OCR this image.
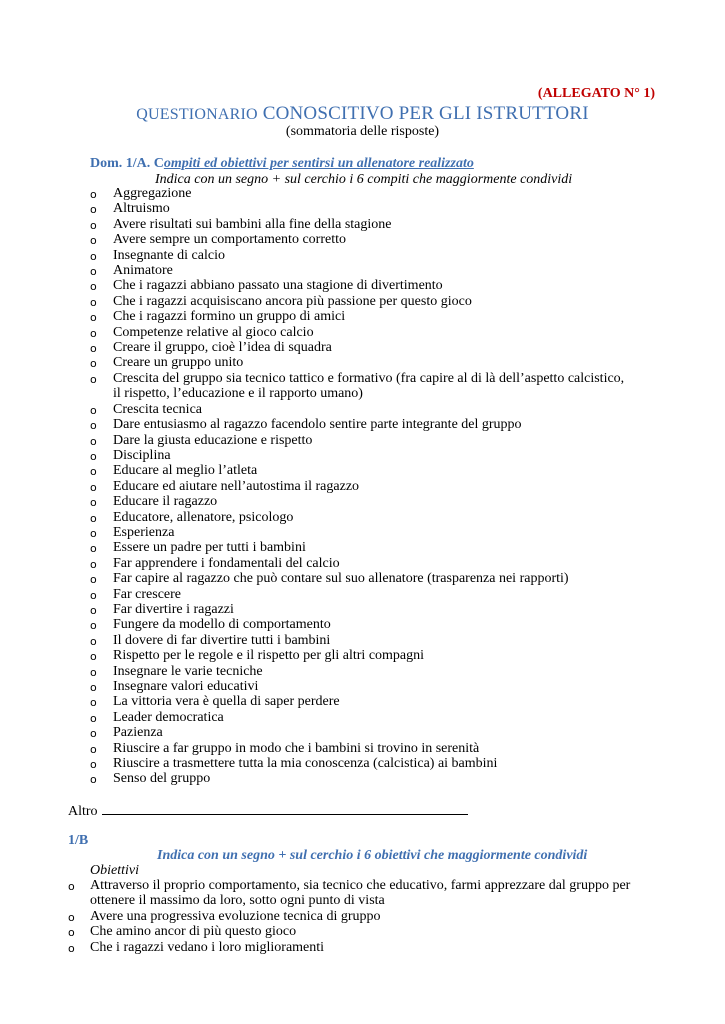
(ALLEGATO N° 1)
QUESTIONARIO CONOSCITIVO PER GLI ISTRUTTORI
(sommatoria delle risposte)
Dom. 1/A. Compiti ed obiettivi per sentirsi un allenatore realizzato
Indica con un segno + sul cerchio i 6 compiti che maggiormente condividi
o Aggregazione
o Altruismo
o Avere risultati sui bambini alla fine della stagione
o Avere sempre un comportamento corretto
o Insegnante di calcio
o Animatore
o Che i ragazzi abbiano passato una stagione di divertimento
o Che i ragazzi acquisiscano ancora più passione per questo gioco
o Che i ragazzi formino un gruppo di amici
o Competenze relative al gioco calcio
o Creare il gruppo, cioè l’idea di squadra
o Creare un gruppo unito
o Crescita del gruppo sia tecnico tattico e formativo (fra capire al di là dell’aspetto calcistico, il rispetto, l’educazione e il rapporto umano)
o Crescita tecnica
o Dare entusiasmo al ragazzo facendolo sentire parte integrante del gruppo
o Dare la giusta educazione e rispetto
o Disciplina
o Educare al meglio l’atleta
o Educare ed aiutare nell’autostima il ragazzo
o Educare il ragazzo
o Educatore, allenatore, psicologo
o Esperienza
o Essere un padre per tutti i bambini
o Far apprendere i fondamentali del calcio
o Far capire al ragazzo che può contare sul suo allenatore (trasparenza nei rapporti)
o Far crescere
o Far divertire i ragazzi
o Fungere da modello di comportamento
o Il dovere di far divertire tutti i bambini
o Rispetto per le regole e il rispetto per gli altri compagni
o Insegnare le varie tecniche
o Insegnare valori educativi
o La vittoria vera è quella di saper perdere
o Leader democratica
o Pazienza
o Riuscire a far gruppo in modo che i bambini si trovino in serenità
o Riuscire a trasmettere tutta la mia conoscenza (calcistica) ai bambini
o Senso del gruppo
Altro
1/B
Indica con un segno + sul cerchio i 6 obiettivi che maggiormente condividi
Obiettivi
o Attraverso il proprio comportamento, sia tecnico che educativo, farmi apprezzare dal gruppo per ottenere il massimo da loro, sotto ogni punto di vista
o Avere una progressiva evoluzione tecnica di gruppo
o Che amino ancor di più questo gioco
o Che i ragazzi vedano i loro miglioramenti
